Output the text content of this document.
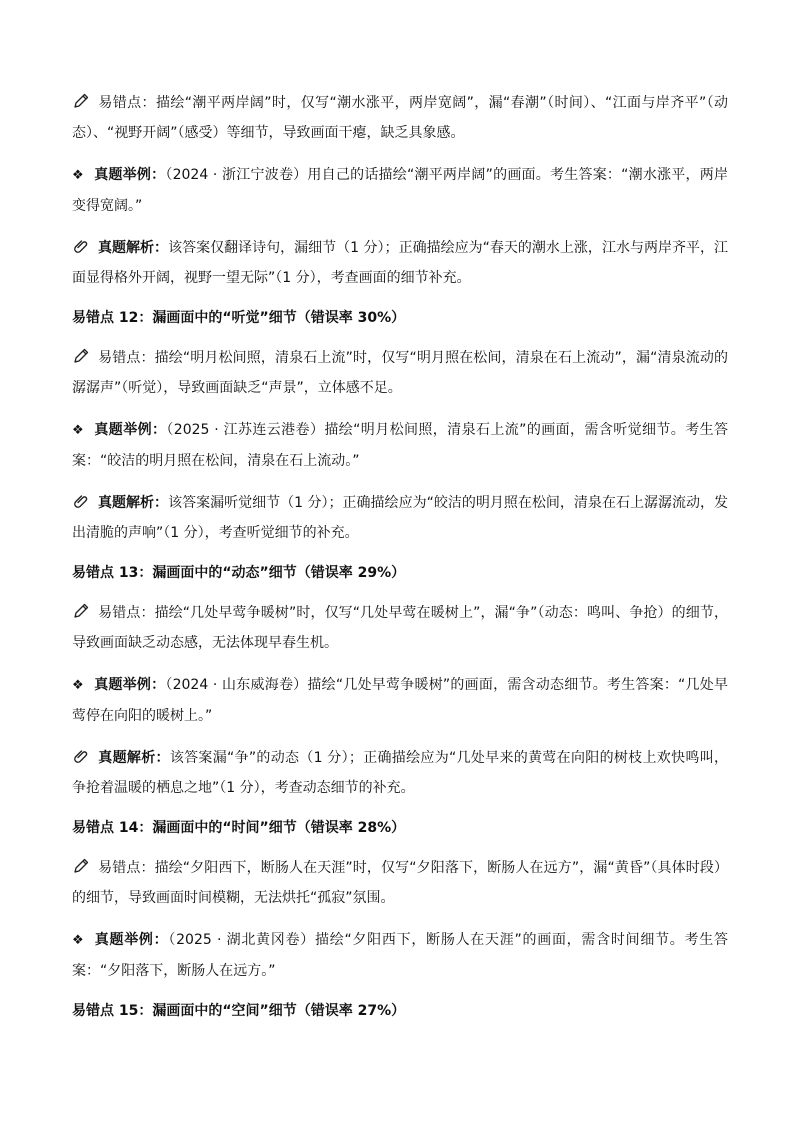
易错点：描绘“潮平两岸阔”时，仅写“潮水涨平，两岸宽阔”，漏“春潮”（时间）、“江面与岸齐平”（动态）、“视野开阔”（感受）等细节，导致画面干瘪，缺乏具象感。

❖ 真题举例：（2024 · 浙江宁波卷）用自己的话描绘“潮平两岸阔”的画面。考生答案：“潮水涨平，两岸变得宽阔。”

真题解析：该答案仅翻译诗句，漏细节（1 分）；正确描绘应为“春天的潮水上涨，江水与两岸齐平，江面显得格外开阔，视野一望无际”（1 分），考查画面的细节补充。

易错点 12：漏画面中的“听觉”细节（错误率 30%）

易错点：描绘“明月松间照，清泉石上流”时，仅写“明月照在松间，清泉在石上流动”，漏“清泉流动的潺潺声”（听觉），导致画面缺乏“声景”，立体感不足。

❖ 真题举例：（2025 · 江苏连云港卷）描绘“明月松间照，清泉石上流”的画面，需含听觉细节。考生答案：“皎洁的明月照在松间，清泉在石上流动。”

真题解析：该答案漏听觉细节（1 分）；正确描绘应为“皎洁的明月照在松间，清泉在石上潺潺流动，发出清脆的声响”（1 分），考查听觉细节的补充。

易错点 13：漏画面中的“动态”细节（错误率 29%）

易错点：描绘“几处早莺争暖树”时，仅写“几处早莺在暖树上”，漏“争”（动态：鸣叫、争抢）的细节，导致画面缺乏动态感，无法体现早春生机。

❖ 真题举例：（2024 · 山东威海卷）描绘“几处早莺争暖树”的画面，需含动态细节。考生答案：“几处早莺停在向阳的暖树上。”

真题解析：该答案漏“争”的动态（1 分）；正确描绘应为“几处早来的黄莺在向阳的树枝上欢快鸣叫，争抢着温暖的栖息之地”（1 分），考查动态细节的补充。

易错点 14：漏画面中的“时间”细节（错误率 28%）

易错点：描绘“夕阳西下，断肠人在天涯”时，仅写“夕阳落下，断肠人在远方”，漏“黄昏”（具体时段）的细节，导致画面时间模糊，无法烘托“孤寂”氛围。

❖ 真题举例：（2025 · 湖北黄冈卷）描绘“夕阳西下，断肠人在天涯”的画面，需含时间细节。考生答案：“夕阳落下，断肠人在远方。”

易错点 15：漏画面中的“空间”细节（错误率 27%）
